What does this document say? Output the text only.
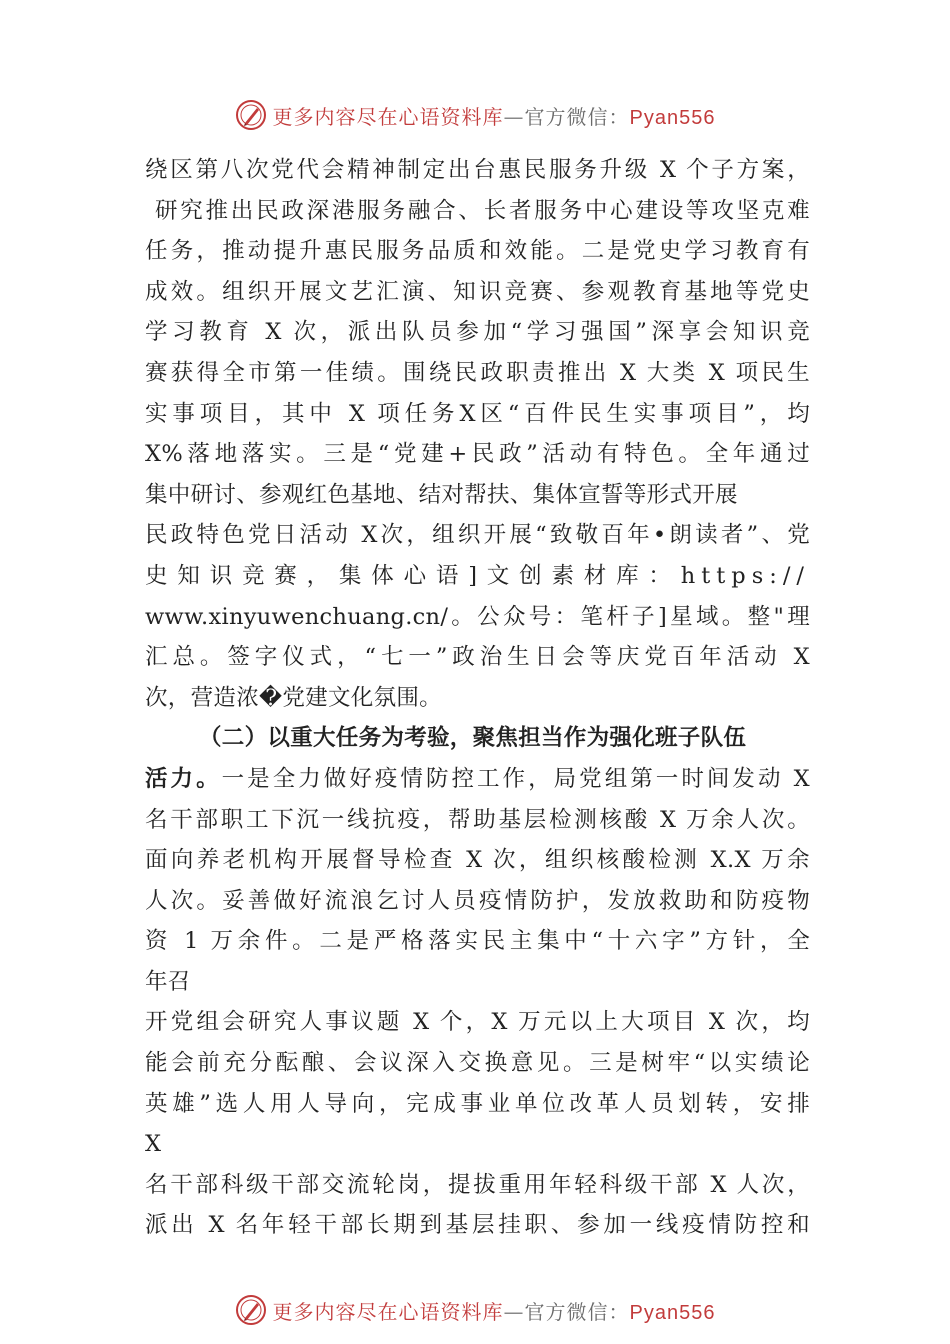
更多内容尽在心语资料库—官方微信：Pyan556
绕区第八次党代会精神制定出台惠民服务升级 X 个子方案，
研究推出民政深港服务融合、长者服务中心建设等攻坚克难
任务，推动提升惠民服务品质和效能。二是党史学习教育有
成效。组织开展文艺汇演、知识竞赛、参观教育基地等党史
学习教育 X 次，派出队员参加“学习强国”深享会知识竞
赛获得全市第一佳绩。围绕民政职责推出 X 大类 X 项民生
实事项目，其中 X 项任务X区“百件民生实事项目”，均
X%落地落实。三是“党建+民政”活动有特色。全年通过
集中研讨、参观红色基地、结对帮扶、集体宣誓等形式开展
民政特色党日活动 X次，组织开展“致敬百年•朗读者”、党
史知识竞赛，集体心语]文创素材库：https://
www.xinyuwenchuang.cn/。公众号：笔杆子]星域。整"理
汇总。签字仪式，“七一”政治生日会等庆党百年活动 X
次，营造浓�党建文化氛围。
（二）以重大任务为考验，聚焦担当作为强化班子队伍
活力。一是全力做好疫情防控工作，局党组第一时间发动 X
名干部职工下沉一线抗疫，帮助基层检测核酸 X 万余人次。
面向养老机构开展督导检查 X 次，组织核酸检测 X.X 万余
人次。妥善做好流浪乞讨人员疫情防护，发放救助和防疫物
资 1 万余件。二是严格落实民主集中“十六字”方针，全
年召
开党组会研究人事议题 X 个，X 万元以上大项目 X 次，均
能会前充分酝酿、会议深入交换意见。三是树牢“以实绩论
英雄”选人用人导向，完成事业单位改革人员划转，安排
X
名干部科级干部交流轮岗，提拔重用年轻科级干部 X 人次，
派出 X 名年轻干部长期到基层挂职、参加一线疫情防控和
更多内容尽在心语资料库—官方微信：Pyan556
